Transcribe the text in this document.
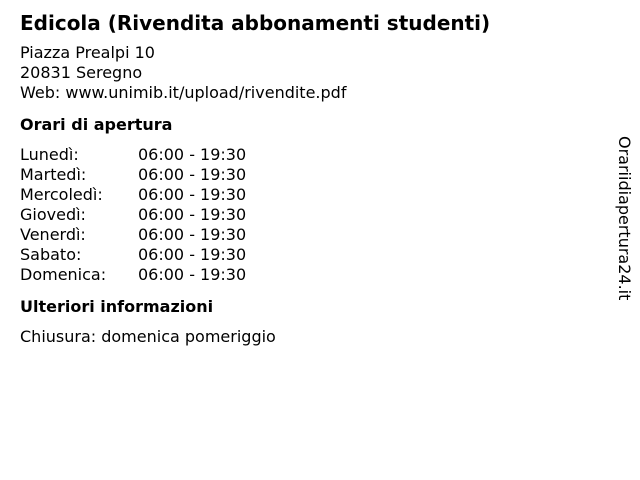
Edicola (Rivendita abbonamenti studenti)
Piazza Prealpi 10
20831 Seregno
Web: www.unimib.it/upload/rivendite.pdf
Orari di apertura
Lunedì:	06:00 - 19:30
Martedì:	06:00 - 19:30
Mercoledì:	06:00 - 19:30
Giovedì:	06:00 - 19:30
Venerdì:	06:00 - 19:30
Sabato:	06:00 - 19:30
Domenica:	06:00 - 19:30
Ulteriori informazioni
Chiusura: domenica pomeriggio
Orariidiapertura24.it
